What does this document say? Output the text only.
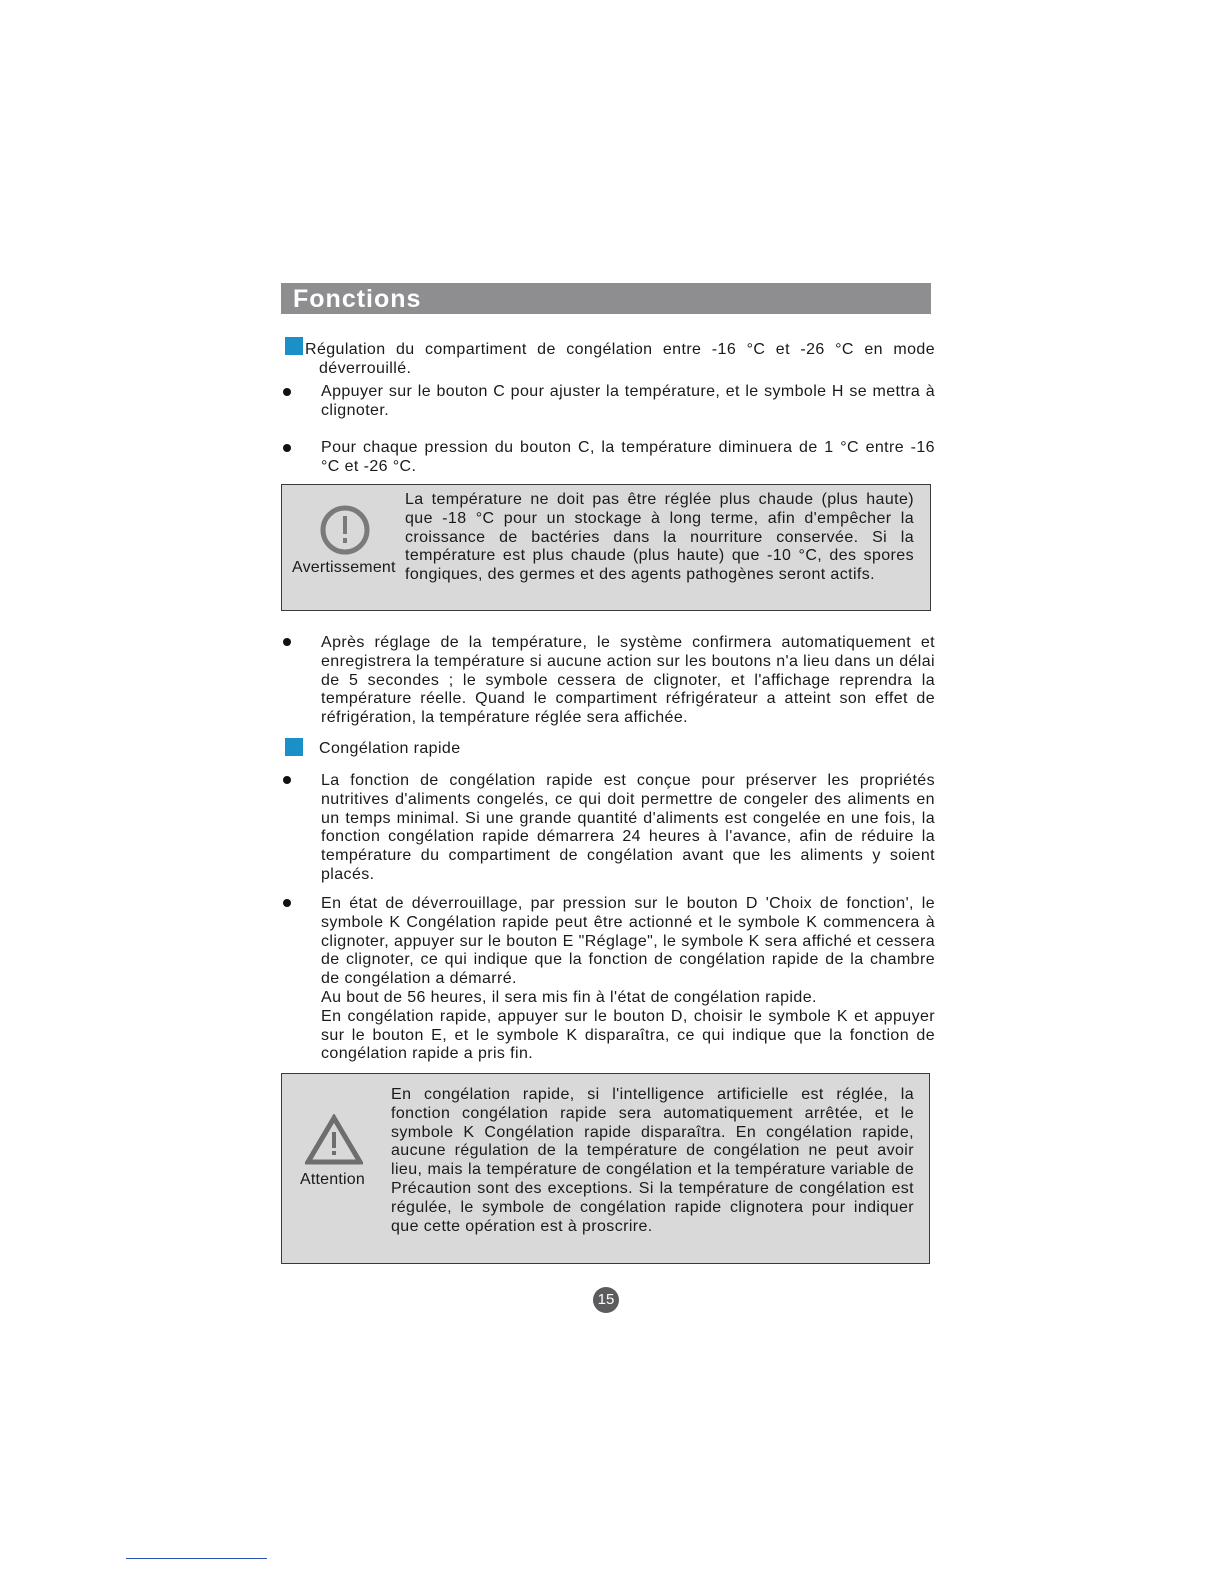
Fonctions
Régulation du compartiment de congélation entre -16 °C et -26 °C en mode déverrouillé.
Appuyer sur le bouton C pour ajuster la température, et le symbole H se mettra à clignoter.
Pour chaque pression du bouton C, la température diminuera de 1 °C entre -16 °C et -26 °C.
Avertissement
La température ne doit pas être réglée plus chaude (plus haute) que -18 °C pour un stockage à long terme, afin d'empêcher la croissance de bactéries dans la nourriture conservée. Si la température est plus chaude (plus haute) que -10 °C, des spores fongiques, des germes et des agents pathogènes seront actifs.
Après réglage de la température, le système confirmera automatiquement et enregistrera la température si aucune action sur les boutons n'a lieu dans un délai de 5 secondes ; le symbole cessera de clignoter, et l'affichage reprendra la température réelle. Quand le compartiment réfrigérateur a atteint son effet de réfrigération, la température réglée sera affichée.
Congélation rapide
La fonction de congélation rapide est conçue pour préserver les propriétés nutritives d'aliments congelés, ce qui doit permettre de congeler des aliments en un temps minimal. Si une grande quantité d'aliments est congelée en une fois, la fonction congélation rapide démarrera 24 heures à l'avance, afin de réduire la température du compartiment de congélation avant que les aliments y soient placés.
En état de déverrouillage, par pression sur le bouton D 'Choix de fonction', le symbole K Congélation rapide peut être actionné et le symbole K commencera à clignoter, appuyer sur le bouton E "Réglage", le symbole K sera affiché et cessera de clignoter, ce qui indique que la fonction de congélation rapide de la chambre de congélation a démarré.
Au bout de 56 heures, il sera mis fin à l'état de congélation rapide.
En congélation rapide, appuyer sur le bouton D, choisir le symbole K et appuyer sur le bouton E, et le symbole K disparaîtra, ce qui indique que la fonction de congélation rapide a pris fin.
Attention
En congélation rapide, si l'intelligence artificielle est réglée, la fonction congélation rapide sera automatiquement arrêtée, et le symbole K Congélation rapide disparaîtra. En congélation rapide, aucune régulation de la température de congélation ne peut avoir lieu, mais la température de congélation et la température variable de Précaution sont des exceptions. Si la température de congélation est régulée, le symbole de congélation rapide clignotera pour indiquer que cette opération est à proscrire.
15
